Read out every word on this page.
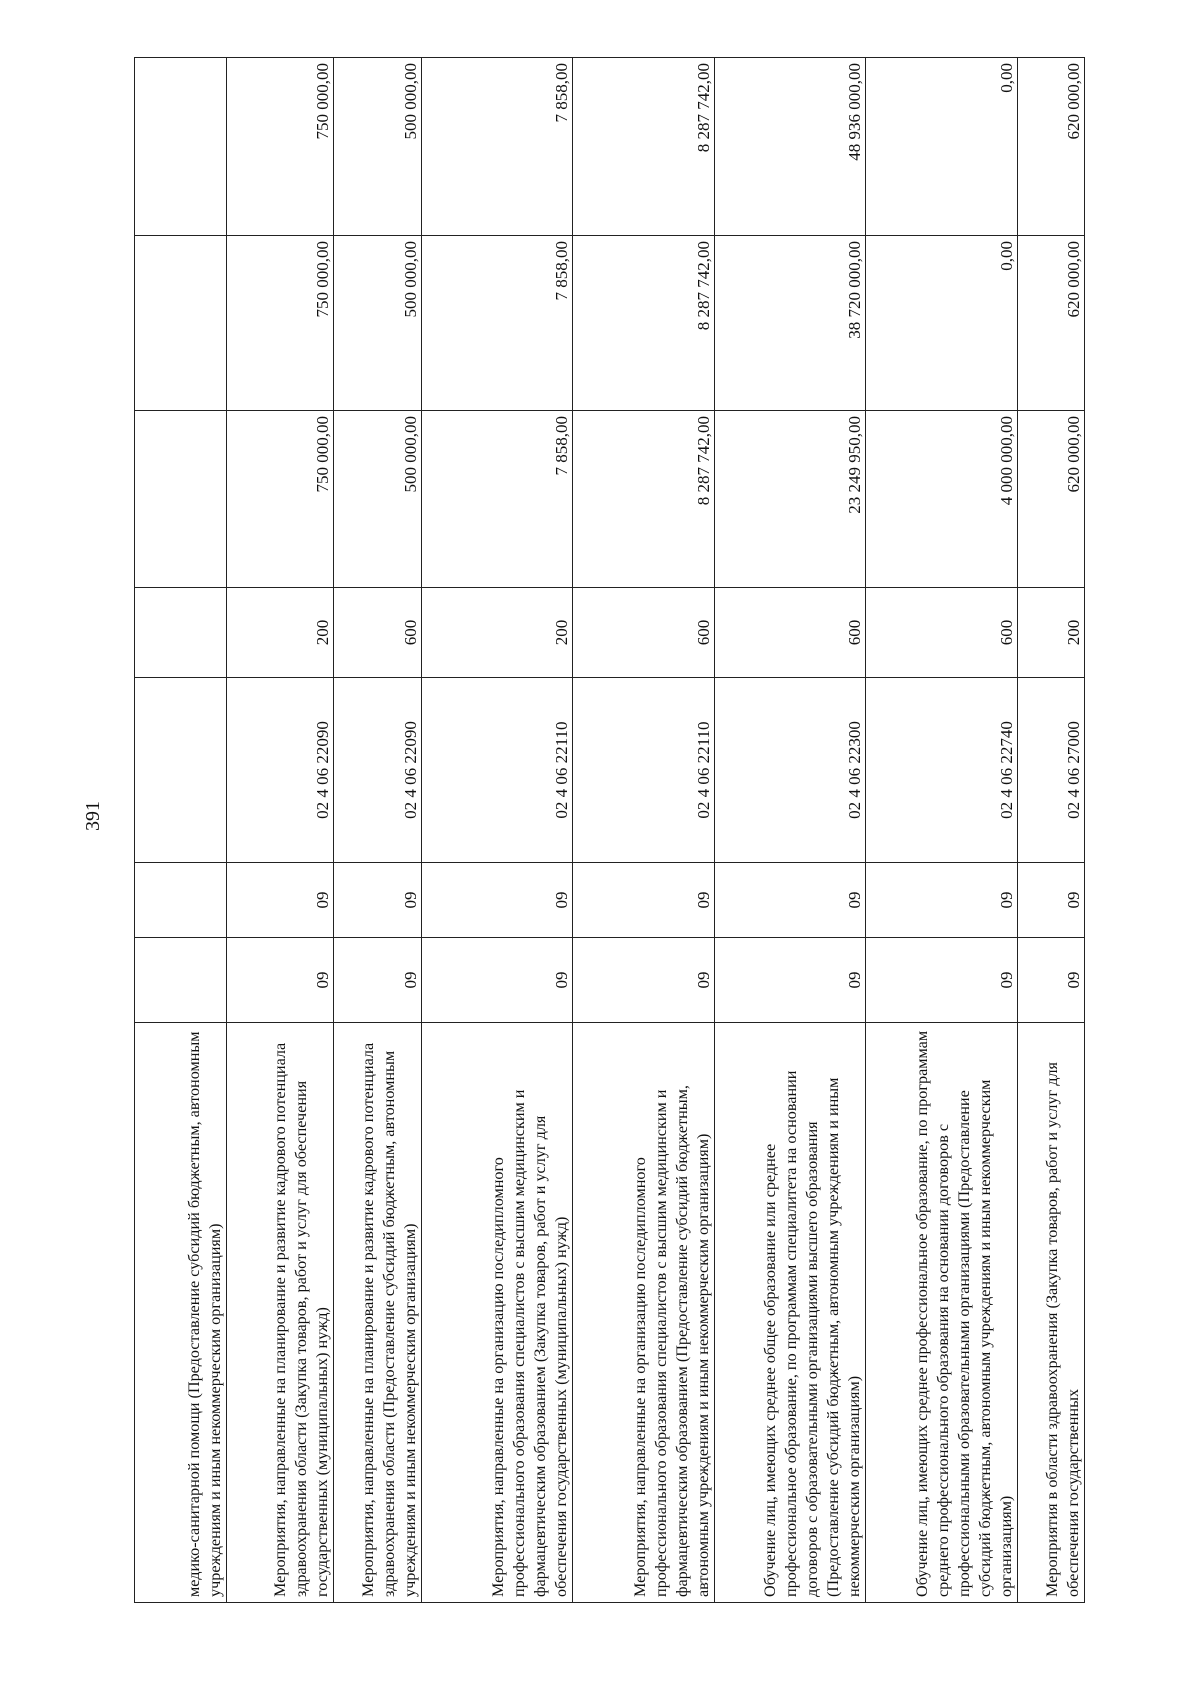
391
медико-санитарной помощи (Предоставление субсидий бюджетным, автономным учреждениям и иным некоммерческим организациям)							
Мероприятия, направленные на планирование и развитие кадрового потенциала здравоохранения области (Закупка товаров, работ и услуг для обеспечения государственных (муниципальных) нужд)	09	09	02 4 06 22090	200	750 000,00	750 000,00	750 000,00
Мероприятия, направленные на планирование и развитие кадрового потенциала здравоохранения области (Предоставление субсидий бюджетным, автономным учреждениям и иным некоммерческим организациям)	09	09	02 4 06 22090	600	500 000,00	500 000,00	500 000,00
Мероприятия, направленные на организацию последипломного профессионального образования специалистов с высшим медицинским и фармацевтическим образованием (Закупка товаров, работ и услуг для обеспечения государственных (муниципальных) нужд)	09	09	02 4 06 22110	200	7 858,00	7 858,00	7 858,00
Мероприятия, направленные на организацию последипломного профессионального образования специалистов с высшим медицинским и фармацевтическим образованием (Предоставление субсидий бюджетным, автономным учреждениям и иным некоммерческим организациям)	09	09	02 4 06 22110	600	8 287 742,00	8 287 742,00	8 287 742,00
Обучение лиц, имеющих среднее общее образование или среднее профессиональное образование, по программам специалитета на основании договоров с образовательными организациями высшего образования (Предоставление субсидий бюджетным, автономным учреждениям и иным некоммерческим организациям)	09	09	02 4 06 22300	600	23 249 950,00	38 720 000,00	48 936 000,00
Обучение лиц, имеющих среднее профессиональное образование, по программам среднего профессионального образования на основании договоров с профессиональными образовательными организациями (Предоставление субсидий бюджетным, автономным учреждениям и иным некоммерческим организациям)	09	09	02 4 06 22740	600	4 000 000,00	0,00	0,00
Мероприятия в области здравоохранения (Закупка товаров, работ и услуг для обеспечения государственных	09	09	02 4 06 27000	200	620 000,00	620 000,00	620 000,00
